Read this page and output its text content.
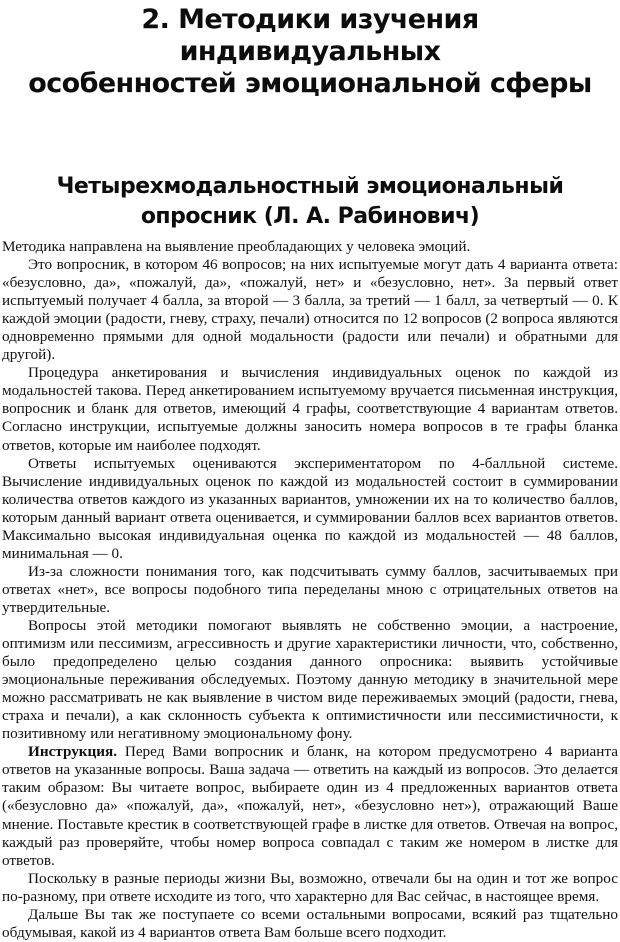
2. Методики изучения индивидуальных
особенностей эмоциональной сферы
Четырехмодальностный эмоциональный
опросник (Л. А. Рабинович)

Методика направлена на выявление преобладающих у человека эмоций.

Это вопросник, в котором 46 вопросов; на них испытуемые могут дать 4 варианта ответа: «безусловно, да», «пожалуй, да», «пожалуй, нет» и «безусловно, нет». За первый ответ испытуемый получает 4 балла, за второй — 3 балла, за третий — 1 балл, за четвертый — 0. К каждой эмоции (радости, гневу, страху, печали) относится по 12 вопросов (2 вопроса являются одновременно прямыми для одной модальности (радости или печали) и обратными для другой).

Процедура анкетирования и вычисления индивидуальных оценок по каждой из модальностей такова. Перед анкетированием испытуемому вручается письменная инструкция, вопросник и бланк для ответов, имеющий 4 графы, соответствующие 4 вариантам ответов. Согласно инструкции, испытуемые должны заносить номера вопросов в те графы бланка ответов, которые им наиболее подходят.

Ответы испытуемых оцениваются экспериментатором по 4-балльной системе. Вычисление индивидуальных оценок по каждой из модальностей состоит в суммировании количества ответов каждого из указанных вариантов, умножении их на то количество баллов, которым данный вариант ответа оценивается, и суммировании баллов всех вариантов ответов. Максимально высокая индивидуальная оценка по каждой из модальностей — 48 баллов, минимальная — 0.

Из-за сложности понимания того, как подсчитывать сумму баллов, засчитываемых при ответах «нет», все вопросы подобного типа переделаны мною с отрицательных ответов на утвердительные.

Вопросы этой методики помогают выявлять не собственно эмоции, а настроение, оптимизм или пессимизм, агрессивность и другие характеристики личности, что, собственно, было предопределено целью создания данного опросника: выявить устойчивые эмоциональные переживания обследуемых. Поэтому данную методику в значительной мере можно рассматривать не как выявление в чистом виде переживаемых эмоций (радости, гнева, страха и печали), а как склонность субъекта к оптимистичности или пессимистичности, к позитивному или негативному эмоциональному фону.

Инструкция. Перед Вами вопросник и бланк, на котором предусмотрено 4 варианта ответов на указанные вопросы. Ваша задача — ответить на каждый из вопросов. Это делается таким образом: Вы читаете вопрос, выбираете один из 4 предложенных вариантов ответа («безусловно да» «пожалуй, да», «пожалуй, нет», «безусловно нет»), отражающий Ваше мнение. Поставьте крестик в соответствующей графе в листке для ответов. Отвечая на вопрос, каждый раз проверяйте, чтобы номер вопроса совпадал с таким же номером в листке для ответов.

Поскольку в разные периоды жизни Вы, возможно, отвечали бы на один и тот же вопрос по-разному, при ответе исходите из того, что характерно для Вас сейчас, в настоящее время.

Дальше Вы так же поступаете со всеми остальными вопросами, всякий раз тщательно обдумывая, какой из 4 вариантов ответа Вам больше всего подходит.
